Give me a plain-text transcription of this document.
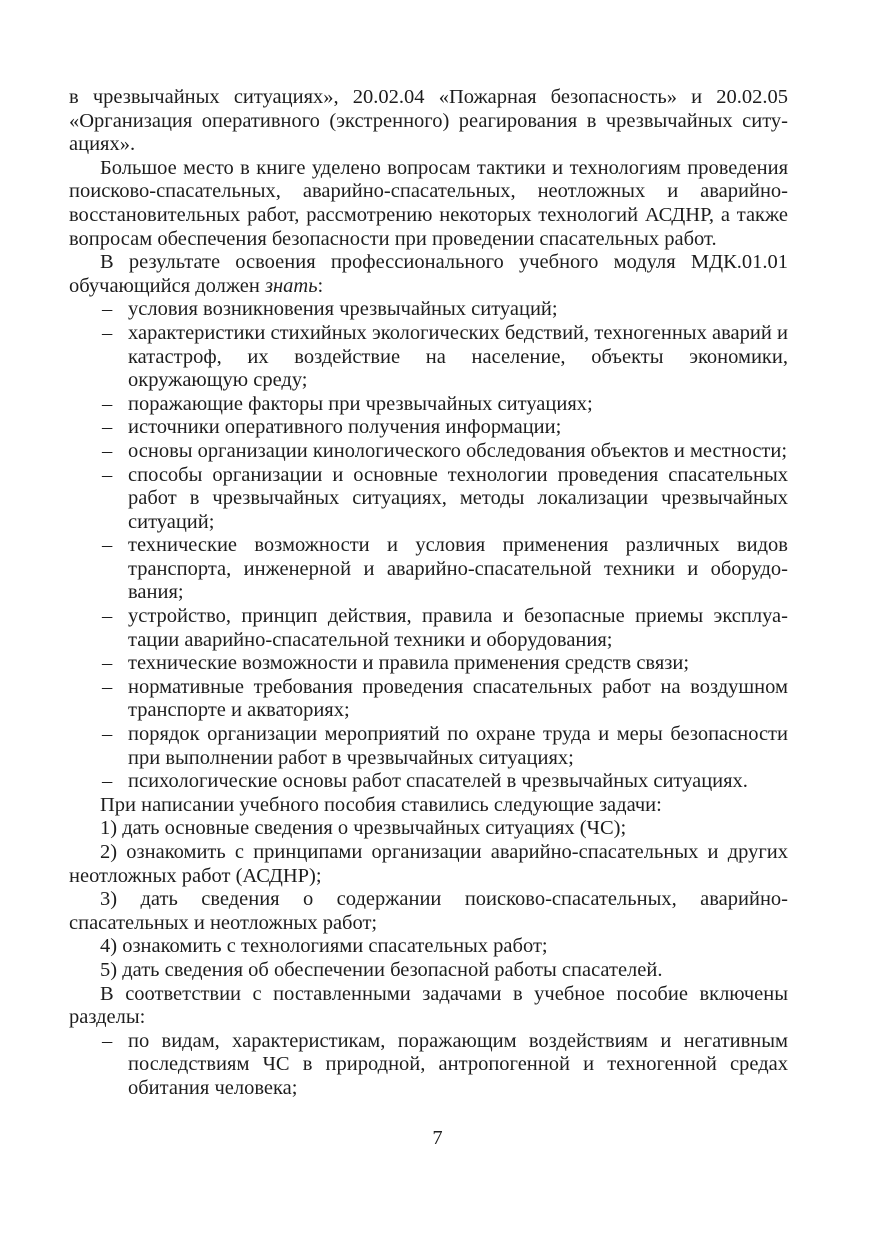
в чрезвычайных ситуациях», 20.02.04 «Пожарная безопасность» и 20.02.05 «Организация оперативного (экстренного) реагирования в чрезвычайных ситуациях».

Большое место в книге уделено вопросам тактики и технологиям проведения поисково-спасательных, аварийно-спасательных, неотложных и аварийно-восстановительных работ, рассмотрению некоторых технологий АСДНР, а также вопросам обеспечения безопасности при проведении спасательных работ.

В результате освоения профессионального учебного модуля МДК.01.01 обучающийся должен знать:

– условия возникновения чрезвычайных ситуаций;
– характеристики стихийных экологических бедствий, техногенных аварий и катастроф, их воздействие на население, объекты экономики, окружающую среду;
– поражающие факторы при чрезвычайных ситуациях;
– источники оперативного получения информации;
– основы организации кинологического обследования объектов и местности;
– способы организации и основные технологии проведения спасательных работ в чрезвычайных ситуациях, методы локализации чрезвычайных ситуаций;
– технические возможности и условия применения различных видов транспорта, инженерной и аварийно-спасательной техники и оборудования;
– устройство, принцип действия, правила и безопасные приемы эксплуатации аварийно-спасательной техники и оборудования;
– технические возможности и правила применения средств связи;
– нормативные требования проведения спасательных работ на воздушном транспорте и акваториях;
– порядок организации мероприятий по охране труда и меры безопасности при выполнении работ в чрезвычайных ситуациях;
– психологические основы работ спасателей в чрезвычайных ситуациях.

При написании учебного пособия ставились следующие задачи:

1) дать основные сведения о чрезвычайных ситуациях (ЧС);

2) ознакомить с принципами организации аварийно-спасательных и других неотложных работ (АСДНР);

3) дать сведения о содержании поисково-спасательных, аварийно-спасательных и неотложных работ;

4) ознакомить с технологиями спасательных работ;

5) дать сведения об обеспечении безопасной работы спасателей.

В соответствии с поставленными задачами в учебное пособие включены разделы:

– по видам, характеристикам, поражающим воздействиям и негативным последствиям ЧС в природной, антропогенной и техногенной средах обитания человека;
7
